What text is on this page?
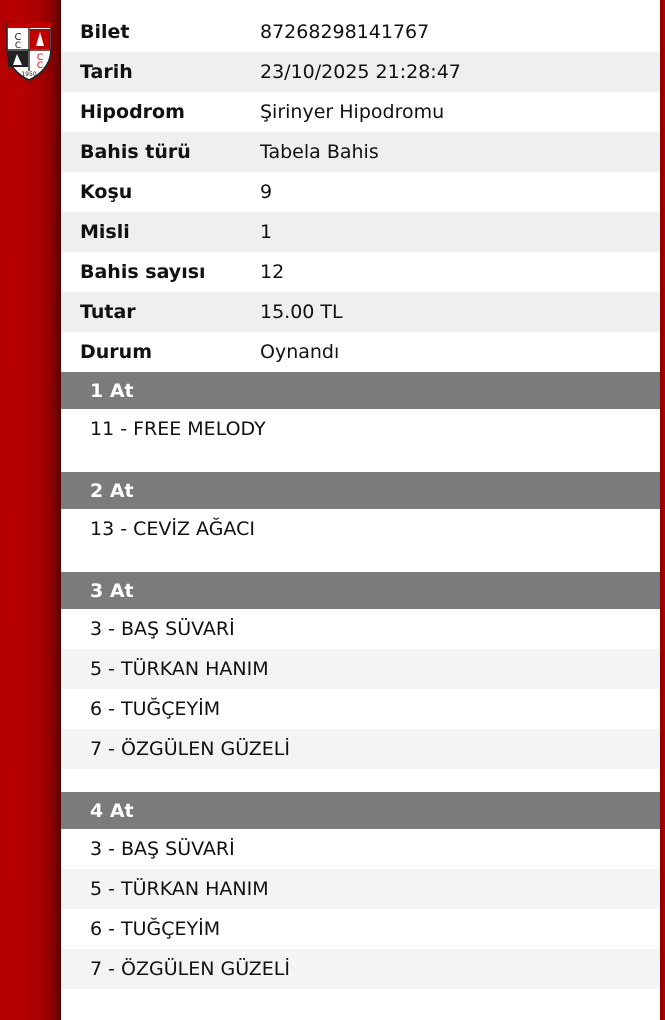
C
C
C
C
1950
Bilet	87268298141767
Tarih	23/10/2025 21:28:47
Hipodrom	Şirinyer Hipodromu
Bahis türü	Tabela Bahis
Koşu	9
Misli	1
Bahis sayısı	12
Tutar	15.00 TL
Durum	Oynandı
1 At
11 - FREE MELODY
2 At
13 - CEVİZ AĞACI
3 At
3 - BAŞ SÜVARİ
5 - TÜRKAN HANIM
6 - TUĞÇEYİM
7 - ÖZGÜLEN GÜZELİ
4 At
3 - BAŞ SÜVARİ
5 - TÜRKAN HANIM
6 - TUĞÇEYİM
7 - ÖZGÜLEN GÜZELİ
